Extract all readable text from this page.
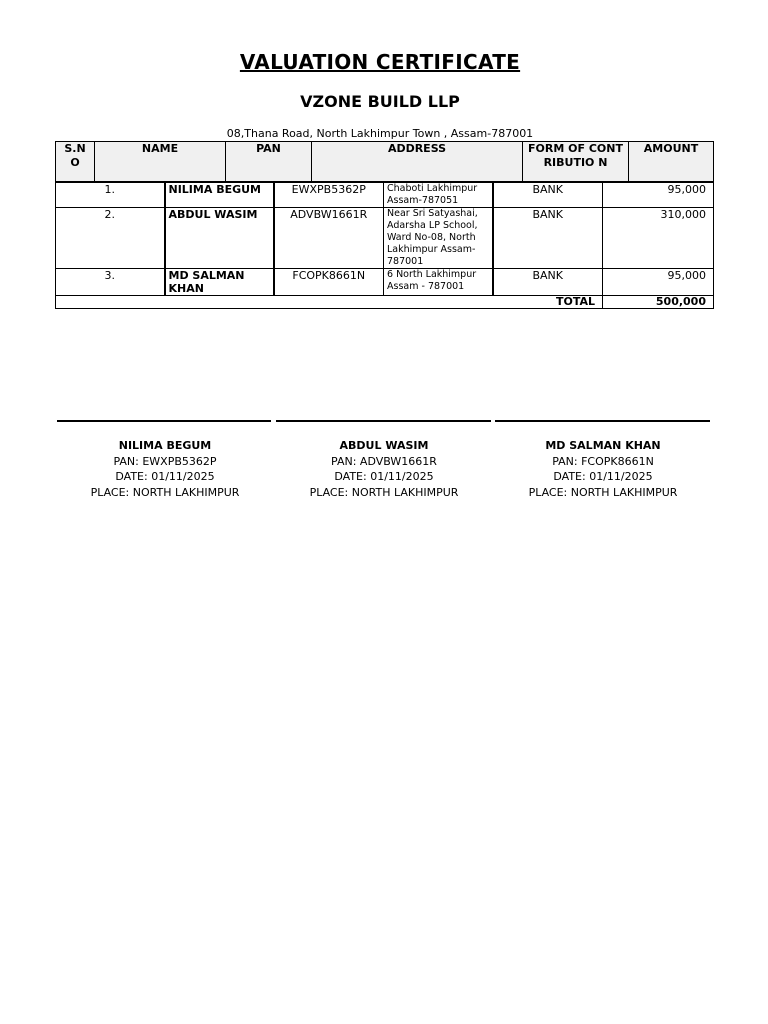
VALUATION CERTIFICATE
VZONE BUILD LLP
08,Thana Road, North Lakhimpur Town , Assam-787001
S.N O	NAME	PAN	ADDRESS	FORM OF CONTRIBUTIO N	AMOUNT
1.	NILIMA BEGUM	EWXPB5362P	Chaboti Lakhimpur Assam-787051	BANK	95,000
2.	ABDUL WASIM	ADVBW1661R	Near Sri Satyashai, Adarsha LP School, Ward No-08, North Lakhimpur Assam-787001	BANK	310,000
3.	MD SALMAN KHAN	FCOPK8661N	6 North Lakhimpur Assam - 787001	BANK	95,000
TOTAL					500,000
NILIMA BEGUM
PAN: EWXPB5362P
DATE: 01/11/2025
PLACE: NORTH LAKHIMPUR
ABDUL WASIM
PAN: ADVBW1661R
DATE: 01/11/2025
PLACE: NORTH LAKHIMPUR
MD SALMAN KHAN
PAN: FCOPK8661N
DATE: 01/11/2025
PLACE: NORTH LAKHIMPUR
